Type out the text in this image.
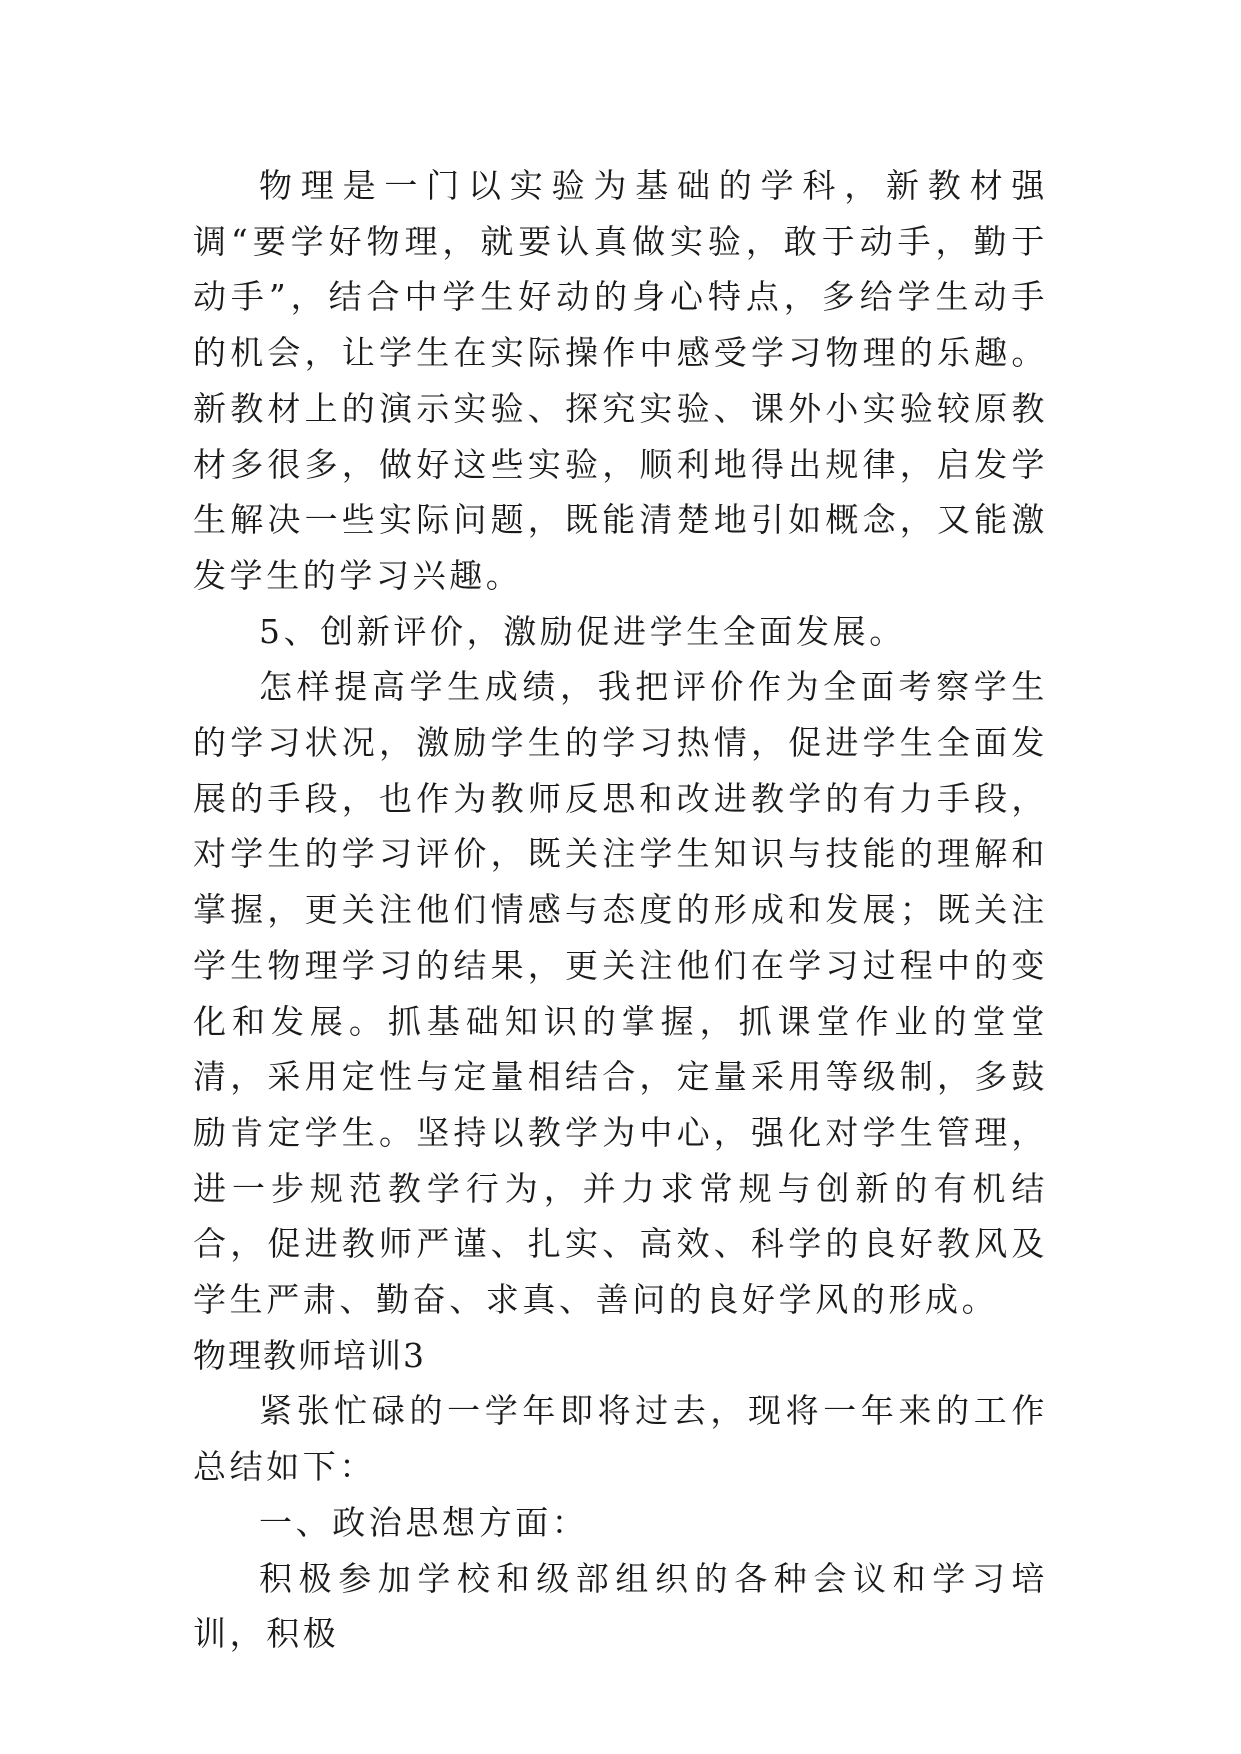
物理是一门以实验为基础的学科，新教材强调“要学好物理，就要认真做实验，敢于动手，勤于动手”，结合中学生好动的身心特点，多给学生动手的机会，让学生在实际操作中感受学习物理的乐趣。新教材上的演示实验、探究实验、课外小实验较原教材多很多，做好这些实验，顺利地得出规律，启发学生解决一些实际问题，既能清楚地引如概念，又能激发学生的学习兴趣。

5、创新评价，激励促进学生全面发展。

怎样提高学生成绩，我把评价作为全面考察学生的学习状况，激励学生的学习热情，促进学生全面发展的手段，也作为教师反思和改进教学的有力手段，对学生的学习评价，既关注学生知识与技能的理解和掌握，更关注他们情感与态度的形成和发展；既关注学生物理学习的结果，更关注他们在学习过程中的变化和发展。抓基础知识的掌握，抓课堂作业的堂堂清，采用定性与定量相结合，定量采用等级制，多鼓励肯定学生。坚持以教学为中心，强化对学生管理，进一步规范教学行为，并力求常规与创新的有机结合，促进教师严谨、扎实、高效、科学的良好教风及学生严肃、勤奋、求真、善问的良好学风的形成。

物理教师培训3

紧张忙碌的一学年即将过去，现将一年来的工作总结如下：

一、政治思想方面：

积极参加学校和级部组织的各种会议和学习培训，积极
